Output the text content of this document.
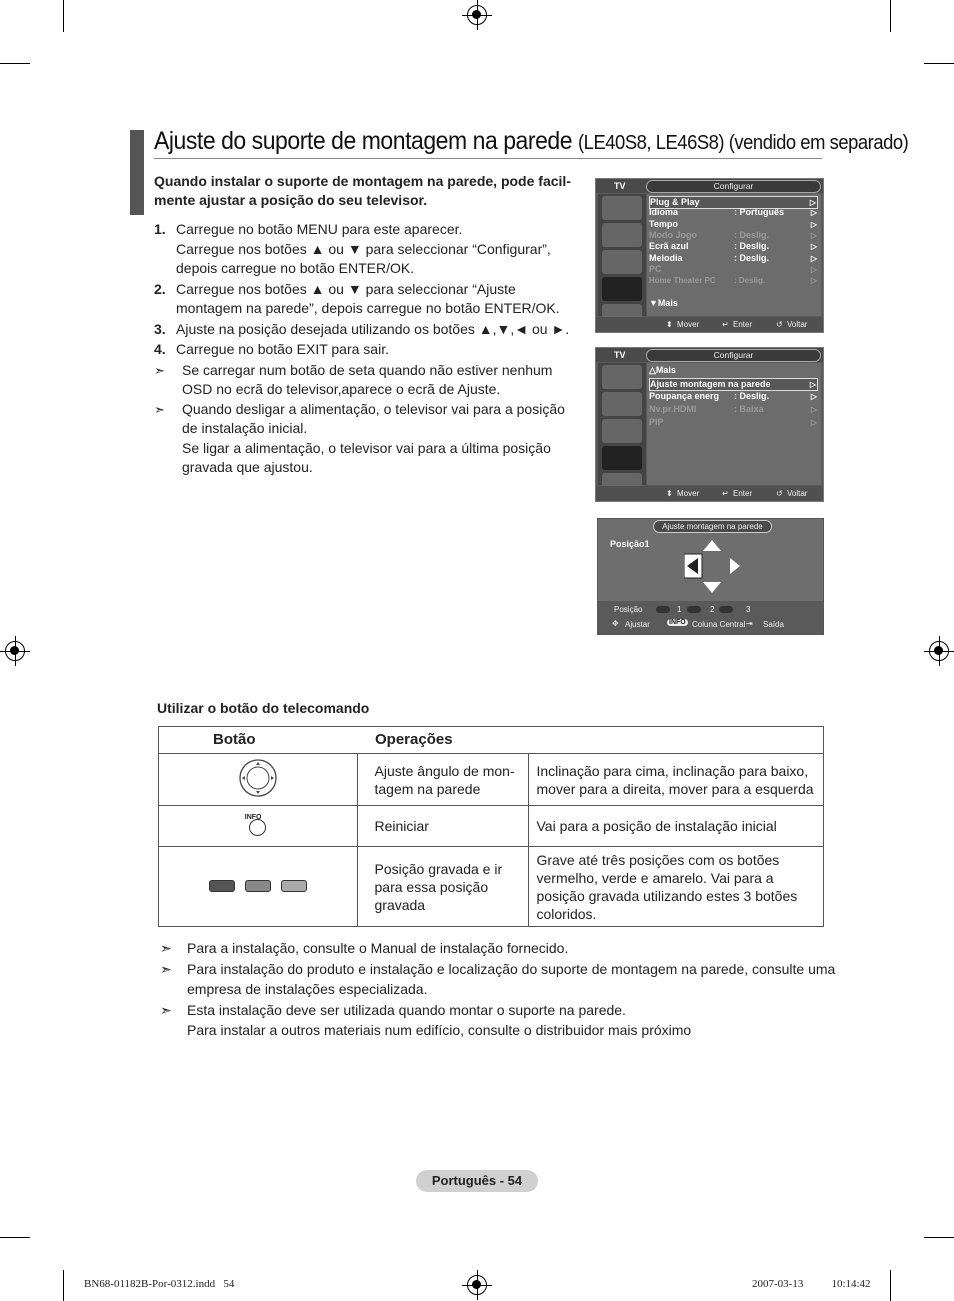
Ajuste do suporte de montagem na parede (LE40S8, LE46S8) (vendido em separado)
Quando instalar o suporte de montagem na parede, pode facil-mente ajustar a posição do seu televisor.
1. Carregue no botão MENU para este aparecer.
Carregue nos botões ▲ ou ▼ para seleccionar “Configurar”, depois carregue no botão ENTER/OK.
2. Carregue nos botões ▲ ou ▼ para seleccionar “Ajuste montagem na parede”, depois carregue no botão ENTER/OK.
3. Ajuste na posição desejada utilizando os botões ▲,▼,◄ ou ►.
4. Carregue no botão EXIT para sair.
➣ Se carregar num botão de seta quando não estiver nenhum OSD no ecrã do televisor,aparece o ecrã de Ajuste.
➣ Quando desligar a alimentação, o televisor vai para a posição de instalação inicial.
Se ligar a alimentação, o televisor vai para a última posição gravada que ajustou.
TV	Configurar
Plug & Play	▷
Idioma	: Português	▷
Tempo	▷
Modo Jogo	: Deslig.	▷
Ecrã azul	: Deslig.	▷
Melodia	: Deslig.	▷
PC	▷
Home Theater PC : Deslig.	▷
▼Mais
⬍ Mover	↵ Enter	↺ Voltar
TV	Configurar
△Mais
Ajuste montagem na parede	▷
Poupança energ : Deslig.	▷
Nv.pr.HDMI	: Baixa	▷
PIP	▷
⬍ Mover	↵ Enter	↺ Voltar
Ajuste montagem na parede
Posição1
Posição	1	2	3
✥ Ajustar	INFO Coluna Central ⇥ Saída
Utilizar o botão do telecomando
Botão	Operações	
	Ajuste ângulo de mon-tagem na parede	Inclinação para cima, inclinação para baixo, mover para a direita, mover para a esquerda

INFO	Reiniciar	Vai para a posição de instalação inicial
	Posição gravada e ir para essa posição gravada	Grave até três posições com os botões vermelho, verde e amarelo. Vai para a posição gravada utilizando estes 3 botões coloridos.
➣ Para a instalação, consulte o Manual de instalação fornecido.
➣ Para instalação do produto e instalação e localização do suporte de montagem na parede, consulte uma empresa de instalações especializada.
➣ Esta instalação deve ser utilizada quando montar o suporte na parede.
Para instalar a outros materiais num edifício, consulte o distribuidor mais próximo
Português - 54
BN68-01182B-Por-0312.indd   54	2007-03-13   ￿￿ 10:14:42
